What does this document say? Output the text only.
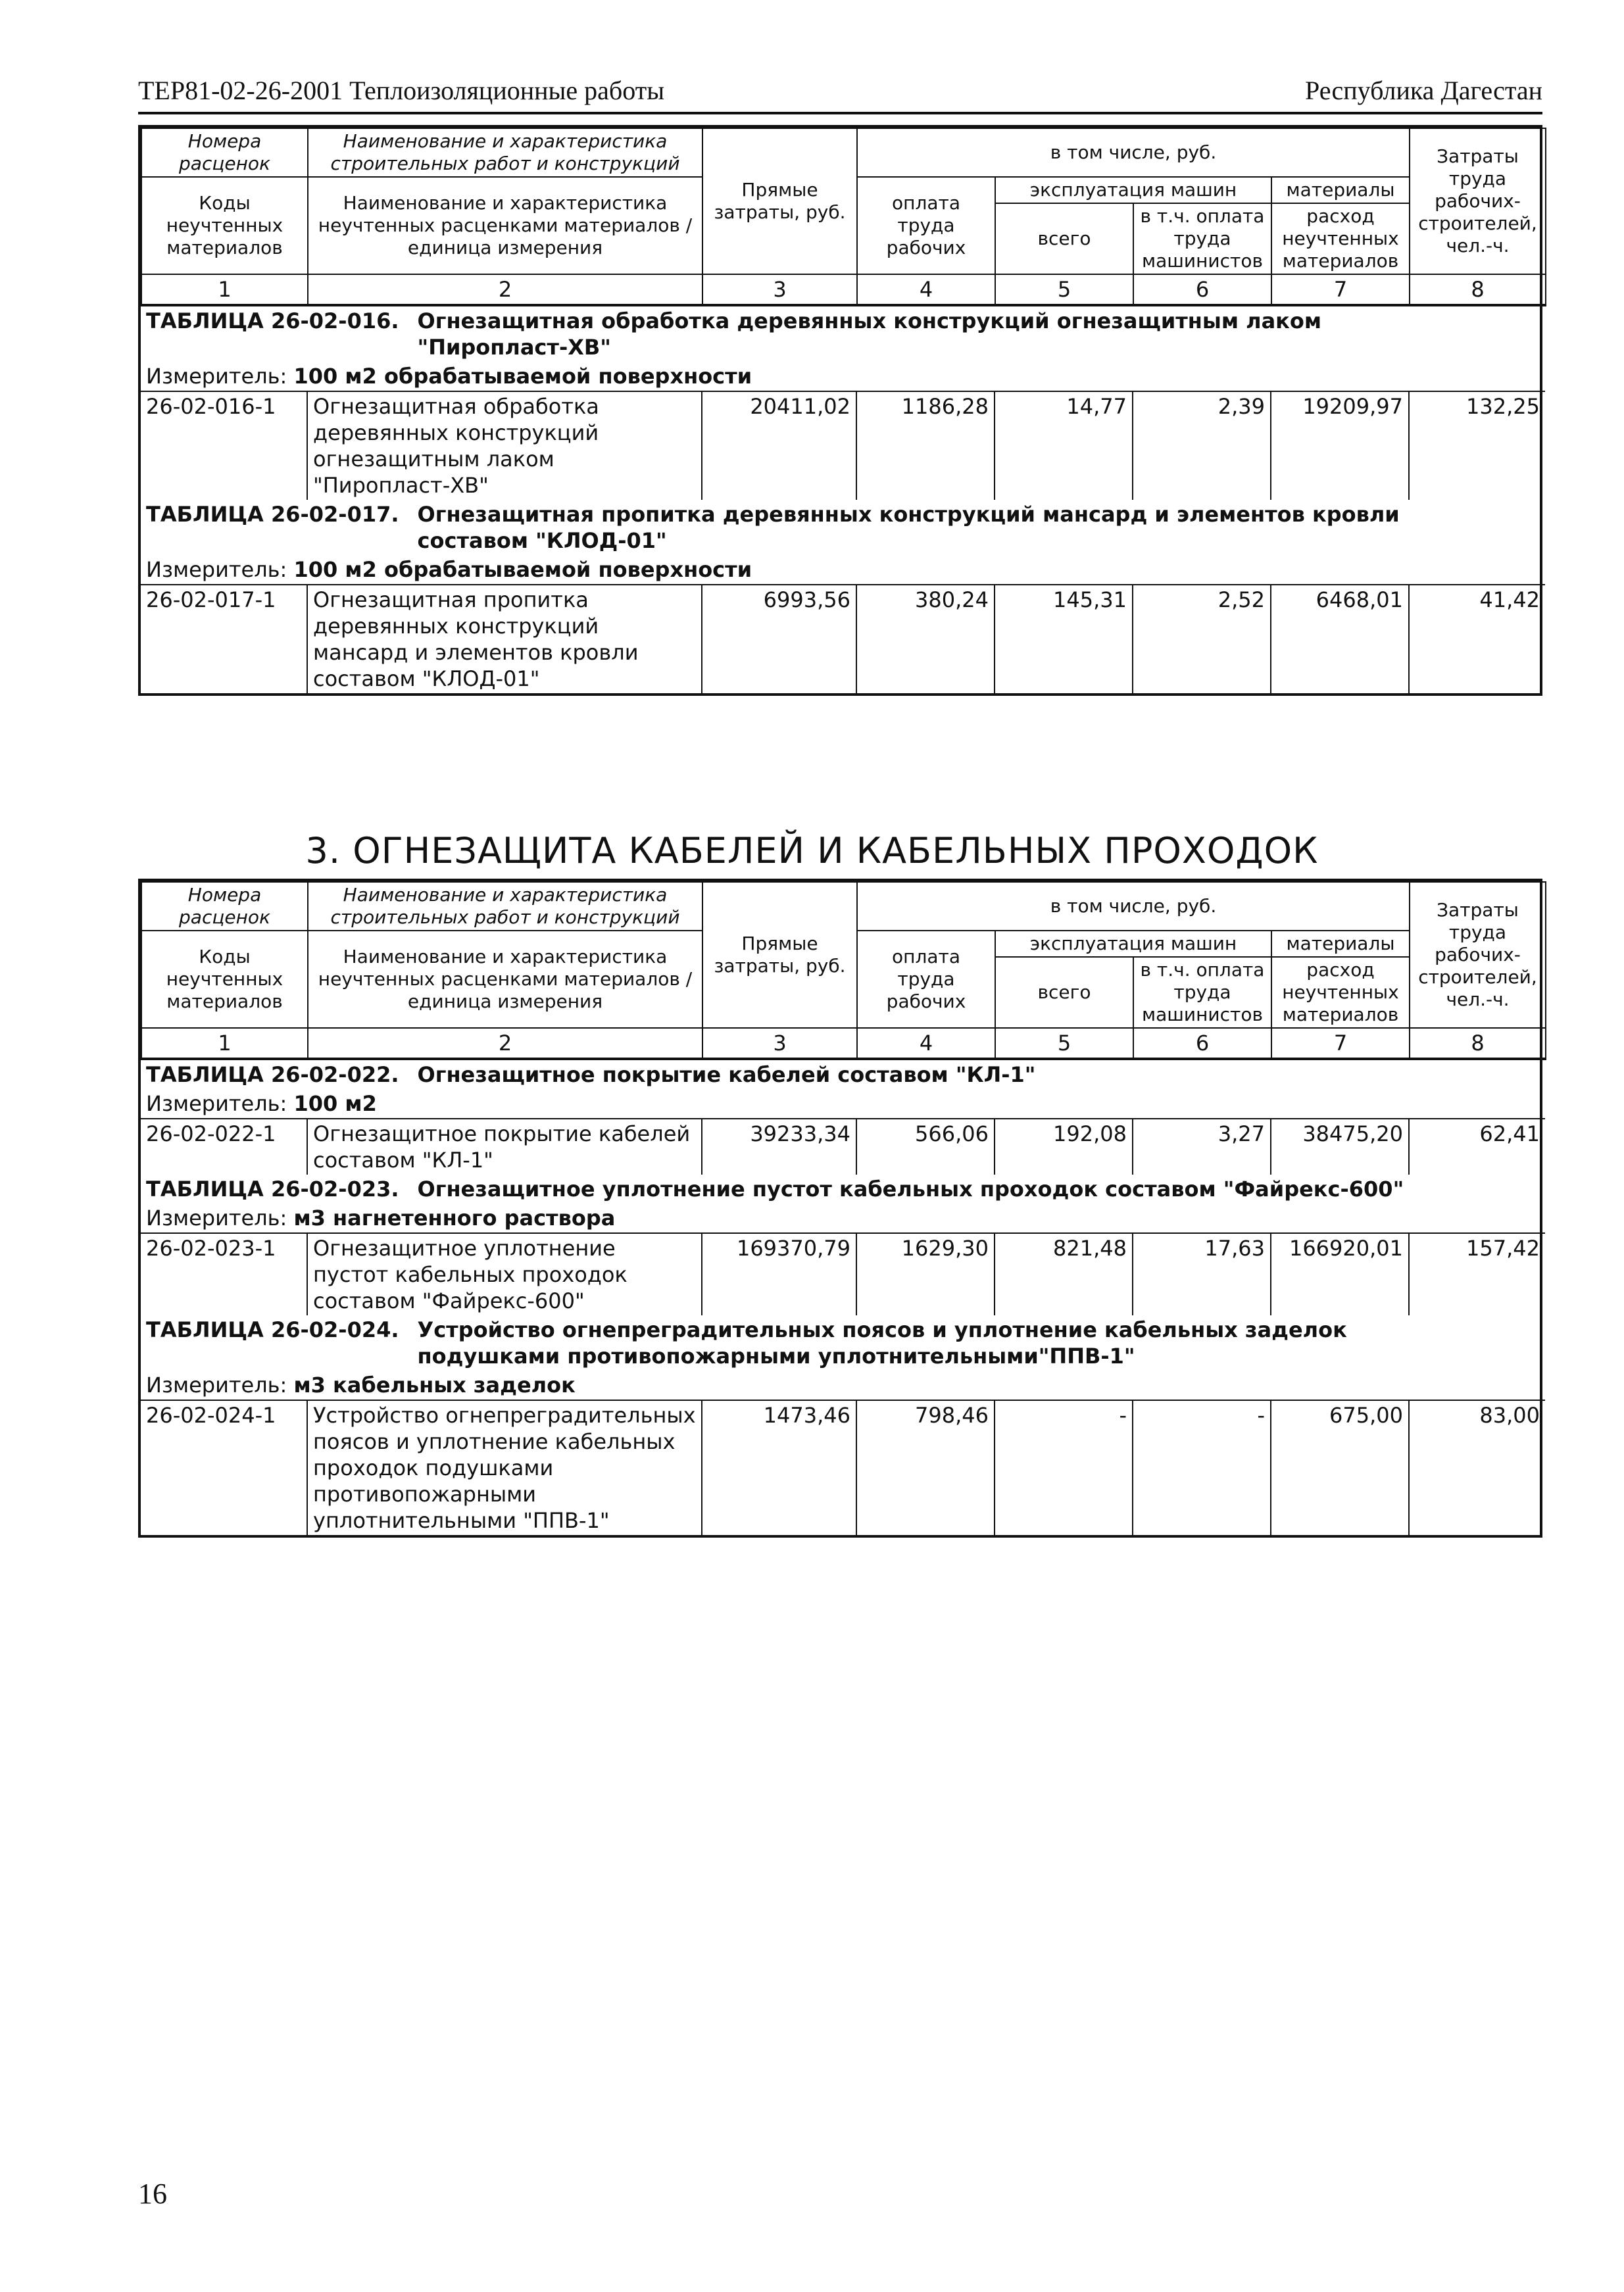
ТЕР81-02-26-2001 Теплоизоляционные работы	Республика Дагестан
Номера расценок	Наименование и характеристика строительных работ и конструкций	Прямые затраты, руб.	в том числе, руб.				Затраты труда рабочих-строителей, чел.-ч.
Коды неучтенных материалов	Наименование и характеристика неучтенных расценками материалов / единица измерения		оплата труда рабочих	эксплуатация машин		материалы	
				всего	в т.ч. оплата труда машинистов	расход неучтенных материалов	
1	2	3	4	5	6	7	8
ТАБЛИЦА 26-02-016. Огнезащитная обработка деревянных конструкций огнезащитным лаком "Пиропласт-ХВ"							
Измеритель: 100 м2 обрабатываемой поверхности							
26-02-016-1	Огнезащитная обработка деревянных конструкций огнезащитным лаком "Пиропласт-ХВ"	20411,02	1186,28	14,77	2,39	19209,97	132,25
ТАБЛИЦА 26-02-017. Огнезащитная пропитка деревянных конструкций мансард и элементов кровли составом "КЛОД-01"							
Измеритель: 100 м2 обрабатываемой поверхности							
26-02-017-1	Огнезащитная пропитка деревянных конструкций мансард и элементов кровли составом "КЛОД-01"	6993,56	380,24	145,31	2,52	6468,01	41,42
3. ОГНЕЗАЩИТА КАБЕЛЕЙ И КАБЕЛЬНЫХ ПРОХОДОК
Номера расценок	Наименование и характеристика строительных работ и конструкций	Прямые затраты, руб.	в том числе, руб.				Затраты труда рабочих-строителей, чел.-ч.
Коды неучтенных материалов	Наименование и характеристика неучтенных расценками материалов / единица измерения		оплата труда рабочих	эксплуатация машин		материалы	
				всего	в т.ч. оплата труда машинистов	расход неучтенных материалов	
1	2	3	4	5	6	7	8
ТАБЛИЦА 26-02-022. Огнезащитное покрытие кабелей составом "КЛ-1"							
Измеритель: 100 м2							
26-02-022-1	Огнезащитное покрытие кабелей составом "КЛ-1"	39233,34	566,06	192,08	3,27	38475,20	62,41
ТАБЛИЦА 26-02-023. Огнезащитное уплотнение пустот кабельных проходок составом "Файрекс-600"							
Измеритель: м3 нагнетенного раствора							
26-02-023-1	Огнезащитное уплотнение пустот кабельных проходок составом "Файрекс-600"	169370,79	1629,30	821,48	17,63	166920,01	157,42
ТАБЛИЦА 26-02-024. Устройство огнепреградительных поясов и уплотнение кабельных заделок подушками противопожарными уплотнительными"ППВ-1"							
Измеритель: м3 кабельных заделок							
26-02-024-1	Устройство огнепреградительных поясов и уплотнение кабельных проходок подушками противопожарными уплотнительными "ППВ-1"	1473,46	798,46	-	-	675,00	83,00
16
